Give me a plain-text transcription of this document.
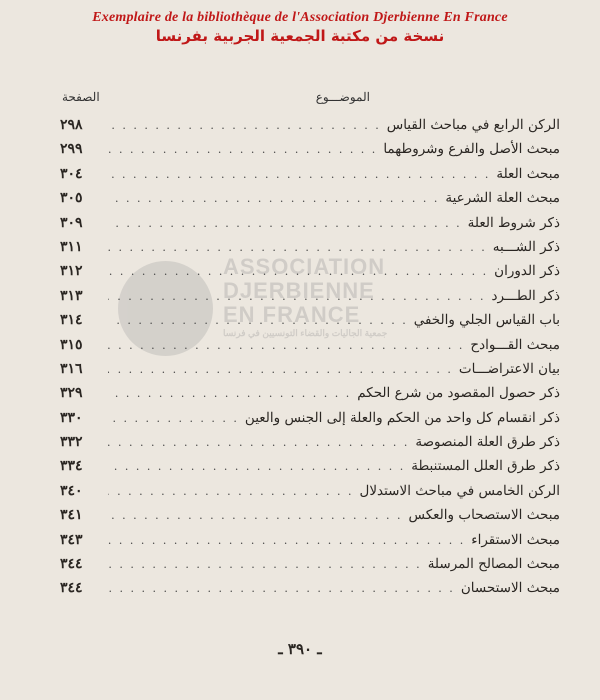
Exemplaire de la bibliothèque de l'Association Djerbienne En France
نسخة من مكتبة الجمعية الجربية بفرنسا
ASSOCIATION
DJERBIENNE
EN FRANCE
جمعية الجاليات والقضاء التونسيين في فرنسا
الموضـــوع
الصفحة
الركن الرابع في مباحث القياس
. . .
٢٩٨
مبحث الأصل والفرع وشروطهما
. . .
٢٩٩
مبحث العلة
. . .
٣٠٤
مبحث العلة الشرعية
. . .
٣٠٥
ذكر شروط العلة
. . .
٣٠٩
ذكر الشـــبه
. . .
٣١١
ذكر الدوران
. . .
٣١٢
ذكر الطـــرد
. . .
٣١٣
باب القياس الجلي والخفي
. . .
٣١٤
مبحث القـــوادح
. . .
٣١٥
بيان الاعتراضـــات
. . .
٣١٦
ذكر حصول المقصود من شرع الحكم
. . .
٣٢٩
ذكر انقسام كل واحد من الحكم والعلة إلى الجنس والعين
. . .
٣٣٠
ذكر طرق العلة المنصوصة
. . .
٣٣٢
ذكر طرق العلل المستنبطة
. . .
٣٣٤
الركن الخامس في مباحث الاستدلال
. . .
٣٤٠
مبحث الاستصحاب والعكس
. . .
٣٤١
مبحث الاستقراء
. . .
٣٤٣
مبحث المصالح المرسلة
. . .
٣٤٤
مبحث الاستحسان
. . .
٣٤٤
ـ ٣٩٠ ـ
